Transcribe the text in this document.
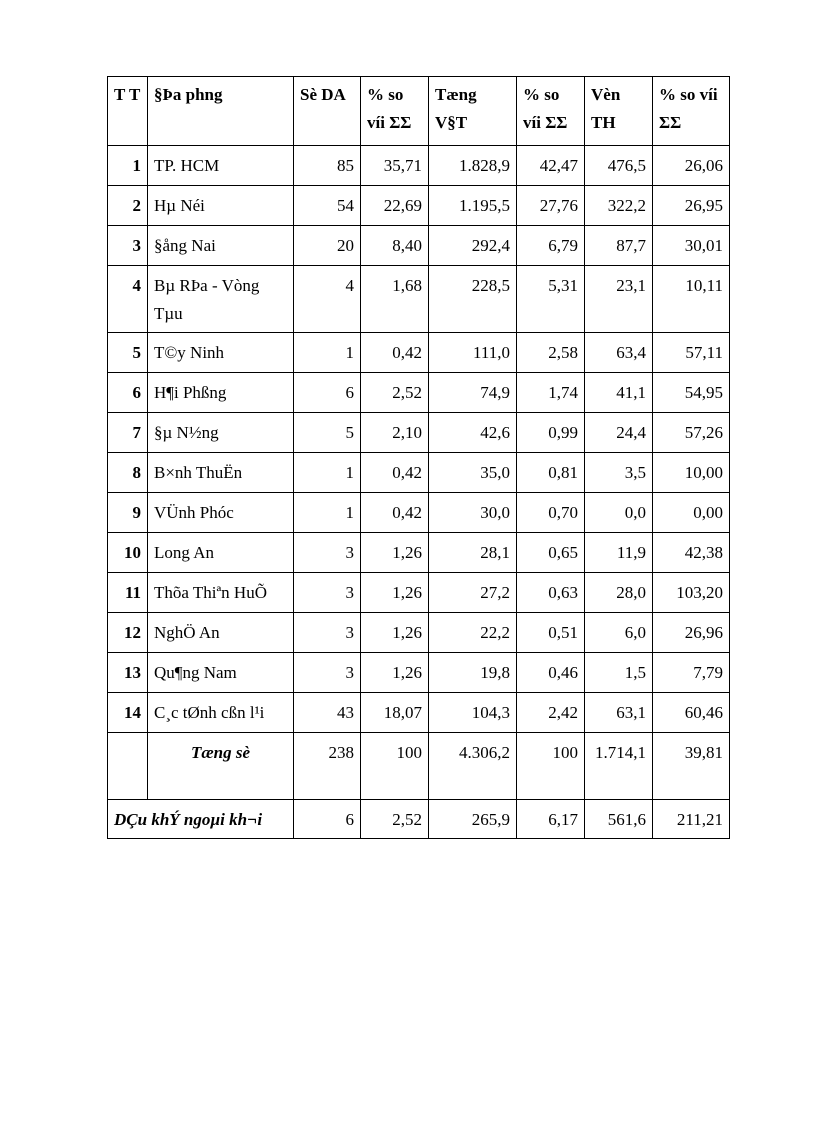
T T	§Þa phng	Sè DA	% so víi ΣΣ	Tæng V§T	% so víi ΣΣ	Vèn TH	% so víi ΣΣ
1	TP. HCM	85	35,71	1.828,9	42,47	476,5	26,06
2	Hµ Néi	54	22,69	1.195,5	27,76	322,2	26,95
3	§ång Nai	20	8,40	292,4	6,79	87,7	30,01
4	Bµ RÞa - Vòng Tµu	4	1,68	228,5	5,31	23,1	10,11
5	T©y Ninh	1	0,42	111,0	2,58	63,4	57,11
6	H¶i Phßng	6	2,52	74,9	1,74	41,1	54,95
7	§µ N½ng	5	2,10	42,6	0,99	24,4	57,26
8	B×nh ThuËn	1	0,42	35,0	0,81	3,5	10,00
9	VÜnh Phóc	1	0,42	30,0	0,70	0,0	0,00
10	Long An	3	1,26	28,1	0,65	11,9	42,38
11	Thõa Thiªn HuÕ	3	1,26	27,2	0,63	28,0	103,20
12	NghÖ An	3	1,26	22,2	0,51	6,0	26,96
13	Qu¶ng Nam	3	1,26	19,8	0,46	1,5	7,79
14	C¸c tØnh cßn l¹i	43	18,07	104,3	2,42	63,1	60,46
	Tæng sè	238	100	4.306,2	100	1.714,1	39,81
DÇu khÝ ngoµi kh¬i		6	2,52	265,9	6,17	561,6	211,21
